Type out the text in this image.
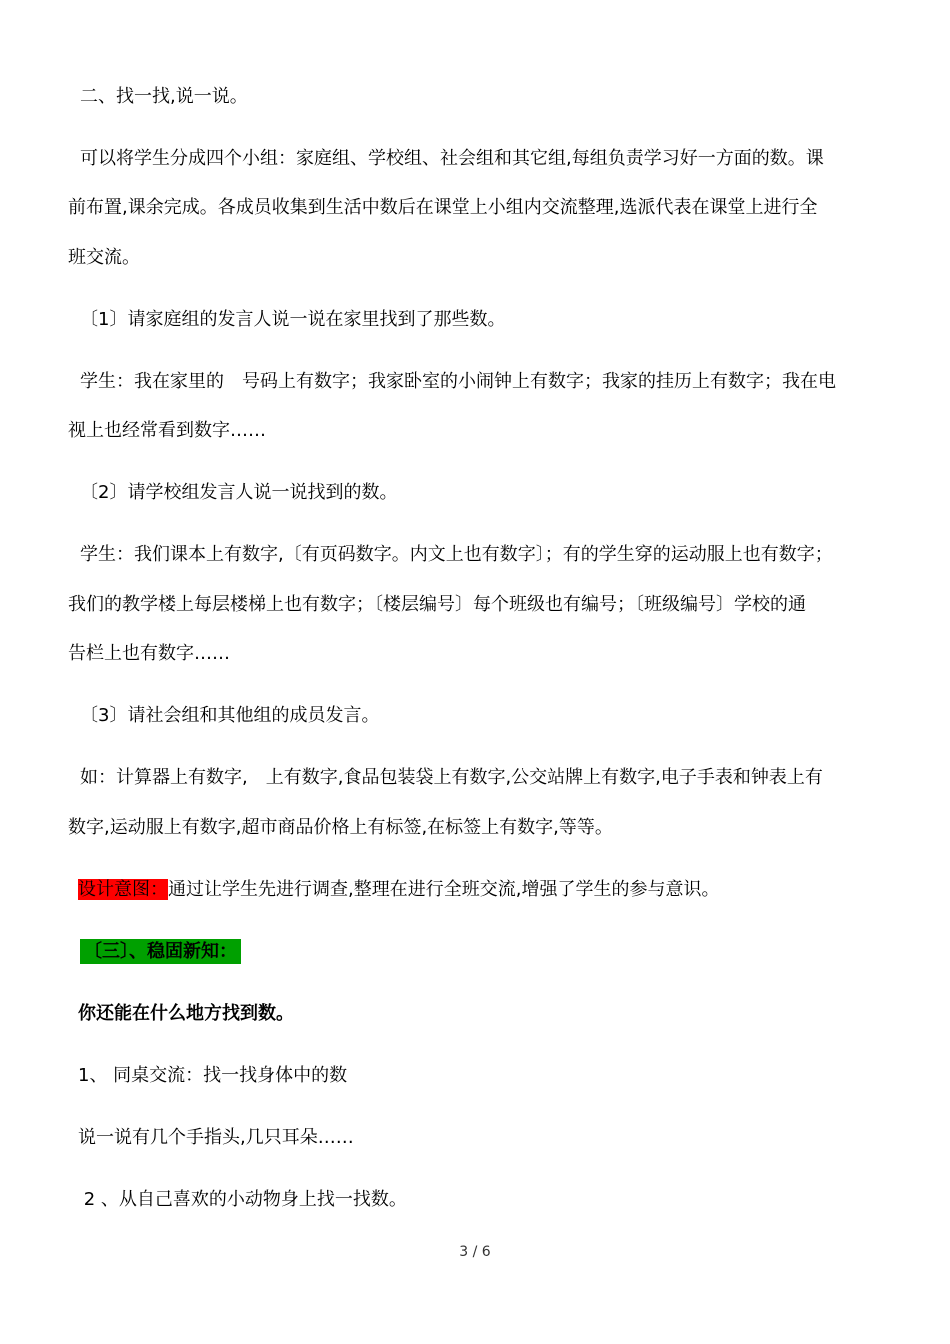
二、找一找,说一说。
可以将学生分成四个小组：家庭组、学校组、社会组和其它组,每组负责学习好一方面的数。课
前布置,课余完成。各成员收集到生活中数后在课堂上小组内交流整理,选派代表在课堂上进行全
班交流。
〔1〕请家庭组的发言人说一说在家里找到了那些数。
学生：我在家里的　号码上有数字；我家卧室的小闹钟上有数字；我家的挂历上有数字；我在电
视上也经常看到数字……
〔2〕请学校组发言人说一说找到的数。
学生：我们课本上有数字,〔有页码数字。内文上也有数字〕；有的学生穿的运动服上也有数字；
我们的教学楼上每层楼梯上也有数字；〔楼层编号〕每个班级也有编号；〔班级编号〕学校的通
告栏上也有数字……
〔3〕请社会组和其他组的成员发言。
如：计算器上有数字,　上有数字,食品包装袋上有数字,公交站牌上有数字,电子手表和钟表上有
数字,运动服上有数字,超市商品价格上有标签,在标签上有数字,等等。
设计意图：通过让学生先进行调查,整理在进行全班交流,增强了学生的参与意识。
〔三〕、稳固新知：
你还能在什么地方找到数。
1、 同桌交流：找一找身体中的数
说一说有几个手指头,几只耳朵……
2 、从自己喜欢的小动物身上找一找数。
3 / 6
